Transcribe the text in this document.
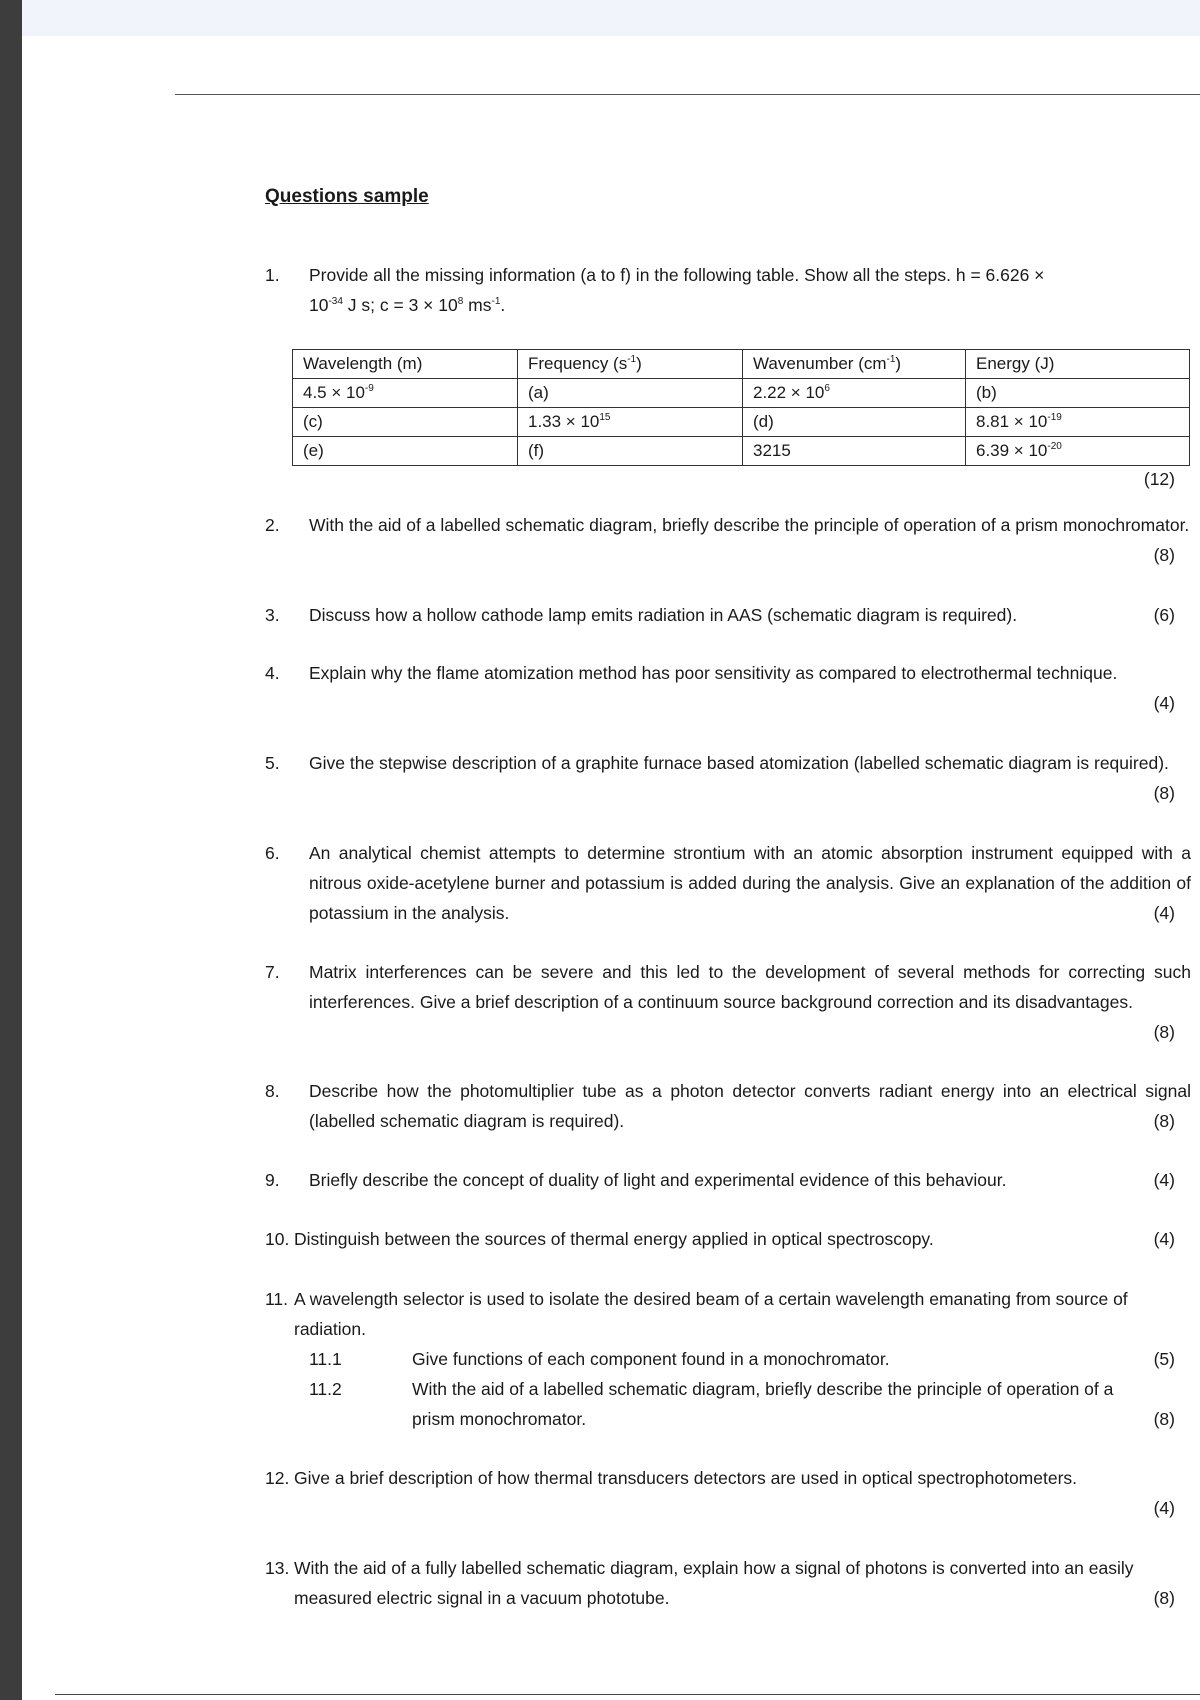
Questions sample
1. Provide all the missing information (a to f) in the following table. Show all the steps. h = 6.626 ×
$10^{-34}$ J s; $c = 3 \times 10^8$ $ms^{-1}$.
Wavelength (m)	Frequency $(s^{-1})$	Wavenumber $(cm^{-1})$	Energy (J)
$4.5 \times 10^{-9}$	(a)	$2.22 \times 10^6$	(b)
(c)	$1.33 \times 10^{15}$	(d)	$8.81 \times 10^{-19}$
(e)	(f)	3215	$6.39 \times 10^{-20}$
(12)
2. With the aid of a labelled schematic diagram, briefly describe the principle of operation of a prism monochromator.
(8)
3. Discuss how a hollow cathode lamp emits radiation in AAS (schematic diagram is required).	(6)
4. Explain why the flame atomization method has poor sensitivity as compared to electrothermal technique.
(4)
5. Give the stepwise description of a graphite furnace based atomization (labelled schematic diagram is required).
(8)
6. An analytical chemist attempts to determine strontium with an atomic absorption instrument equipped with a nitrous oxide-acetylene burner and potassium is added during the analysis. Give an explanation of the addition of potassium in the analysis.	(4)
7. Matrix interferences can be severe and this led to the development of several methods for correcting such interferences. Give a brief description of a continuum source background correction and its disadvantages.
(8)
8. Describe how the photomultiplier tube as a photon detector converts radiant energy into an electrical signal (labelled schematic diagram is required).	(8)
9. Briefly describe the concept of duality of light and experimental evidence of this behaviour.	(4)
10. Distinguish between the sources of thermal energy applied in optical spectroscopy.	(4)
11. A wavelength selector is used to isolate the desired beam of a certain wavelength emanating from source of radiation.
11.1	Give functions of each component found in a monochromator.	(5)
11.2	With the aid of a labelled schematic diagram, briefly describe the principle of operation of a prism monochromator.	(8)
12. Give a brief description of how thermal transducers detectors are used in optical spectrophotometers.
(4)
13. With the aid of a fully labelled schematic diagram, explain how a signal of photons is converted into an easily measured electric signal in a vacuum phototube.	(8)
